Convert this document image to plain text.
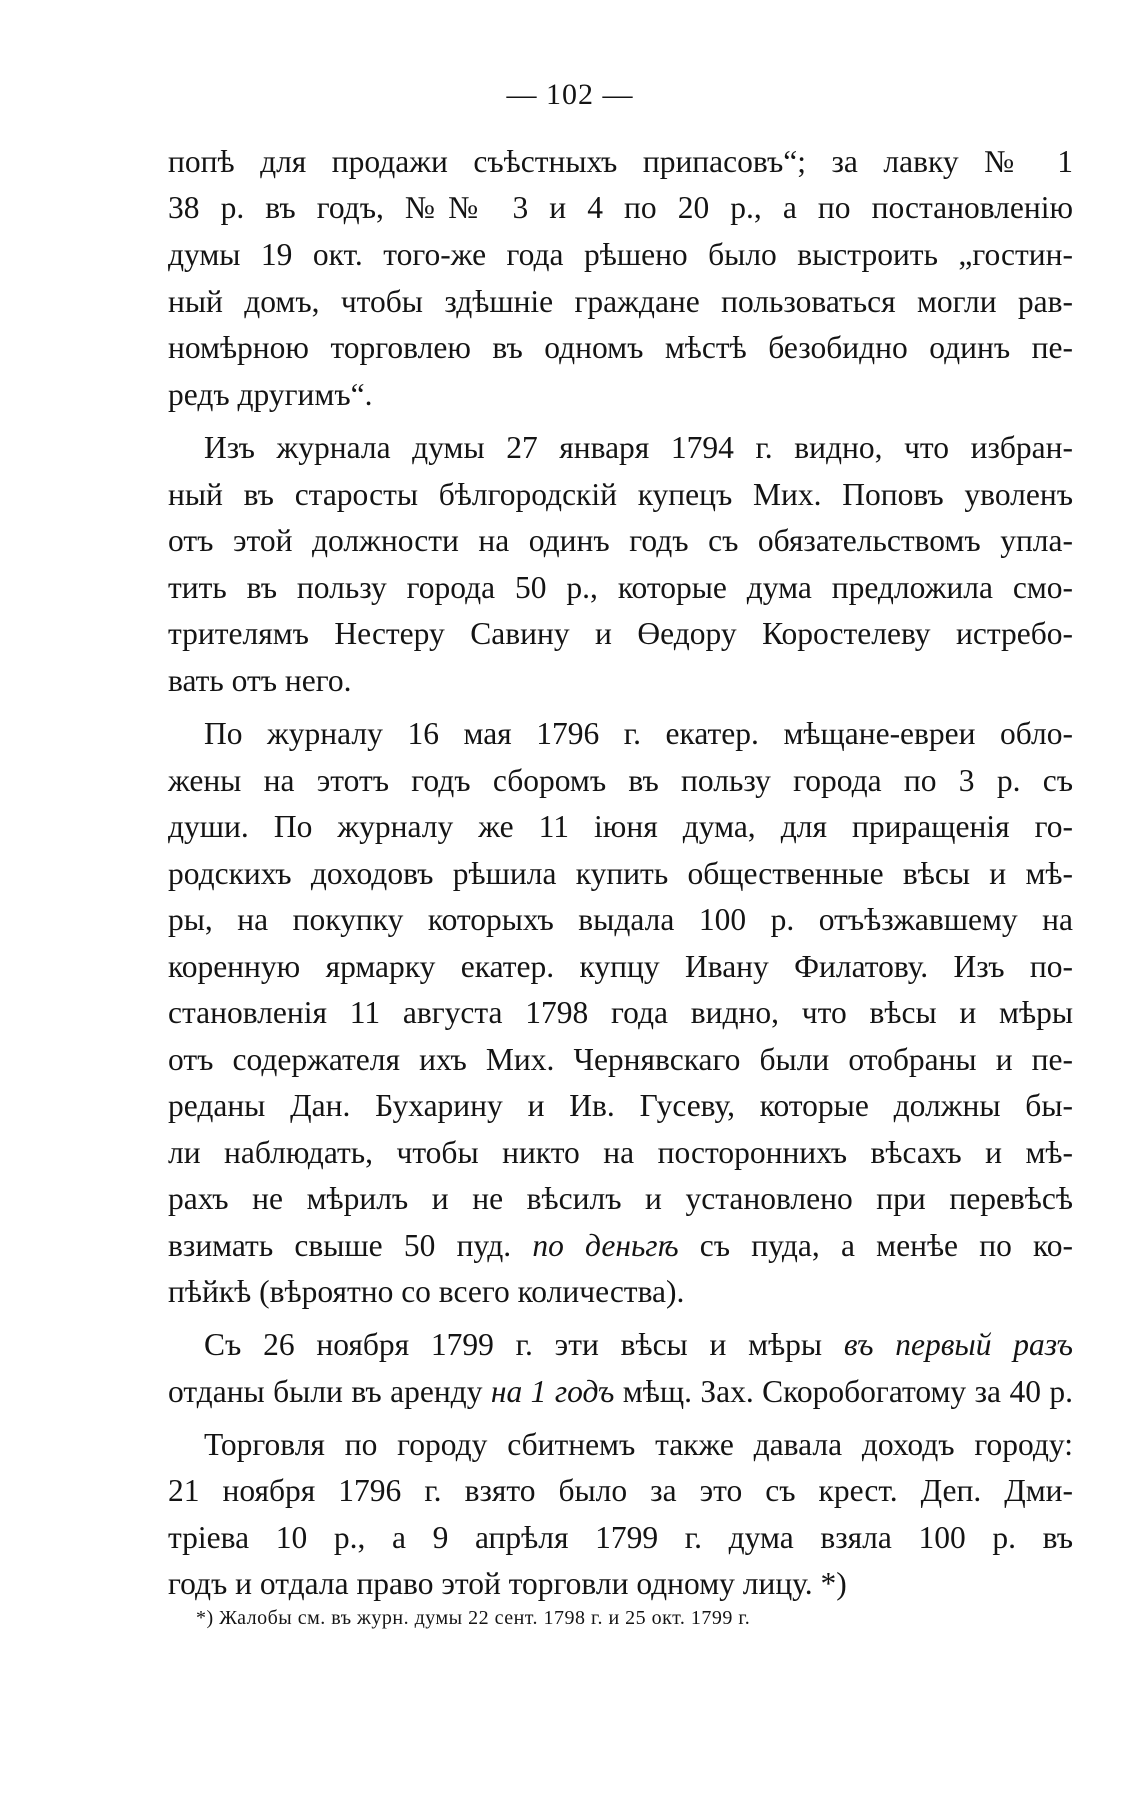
— 102 —
попѣ для продажи съѣстныхъ припасовъ“; за лавку № 1
38 р. въ годъ, №№ 3 и 4 по 20 р., а по постановленію
думы 19 окт. того-же года рѣшено было выстроить „гостин-
ный домъ, чтобы здѣшніе граждане пользоваться могли рав-
номѣрною торговлею въ одномъ мѣстѣ безобидно одинъ пе-
редъ другимъ“.
Изъ журнала думы 27 января 1794 г. видно, что избран-
ный въ старосты бѣлгородскій купецъ Мих. Поповъ уволенъ
отъ этой должности на одинъ годъ съ обязательствомъ упла-
тить въ пользу города 50 р., которые дума предложила смо-
трителямъ Нестеру Савину и Өедору Коростелеву истребо-
вать отъ него.
По журналу 16 мая 1796 г. екатер. мѣщане-евреи обло-
жены на этотъ годъ сборомъ въ пользу города по 3 р. съ
души. По журналу же 11 іюня дума, для приращенія го-
родскихъ доходовъ рѣшила купить общественные вѣсы и мѣ-
ры, на покупку которыхъ выдала 100 р. отъѣзжавшему на
коренную ярмарку екатер. купцу Ивану Филатову. Изъ по-
становленія 11 августа 1798 года видно, что вѣсы и мѣры
отъ содержателя ихъ Мих. Чернявскаго были отобраны и пе-
реданы Дан. Бухарину и Ив. Гусеву, которые должны бы-
ли наблюдать, чтобы никто на постороннихъ вѣсахъ и мѣ-
рахъ не мѣрилъ и не вѣсилъ и установлено при перевѣсѣ
взимать свыше 50 пуд. по деньгѣ съ пуда, а менѣе по ко-
пѣйкѣ (вѣроятно со всего количества).
Съ 26 ноября 1799 г. эти вѣсы и мѣры въ первый разъ
отданы были въ аренду на 1 годъ мѣщ. Зах. Скоробогатому за 40 р.
Торговля по городу сбитнемъ также давала доходъ городу:
21 ноября 1796 г. взято было за это съ крест. Деп. Дми-
тріева 10 р., а 9 апрѣля 1799 г. дума взяла 100 р. въ
годъ и отдала право этой торговли одному лицу. *)
*) Жалобы см. въ журн. думы 22 сент. 1798 г. и 25 окт. 1799 г.
